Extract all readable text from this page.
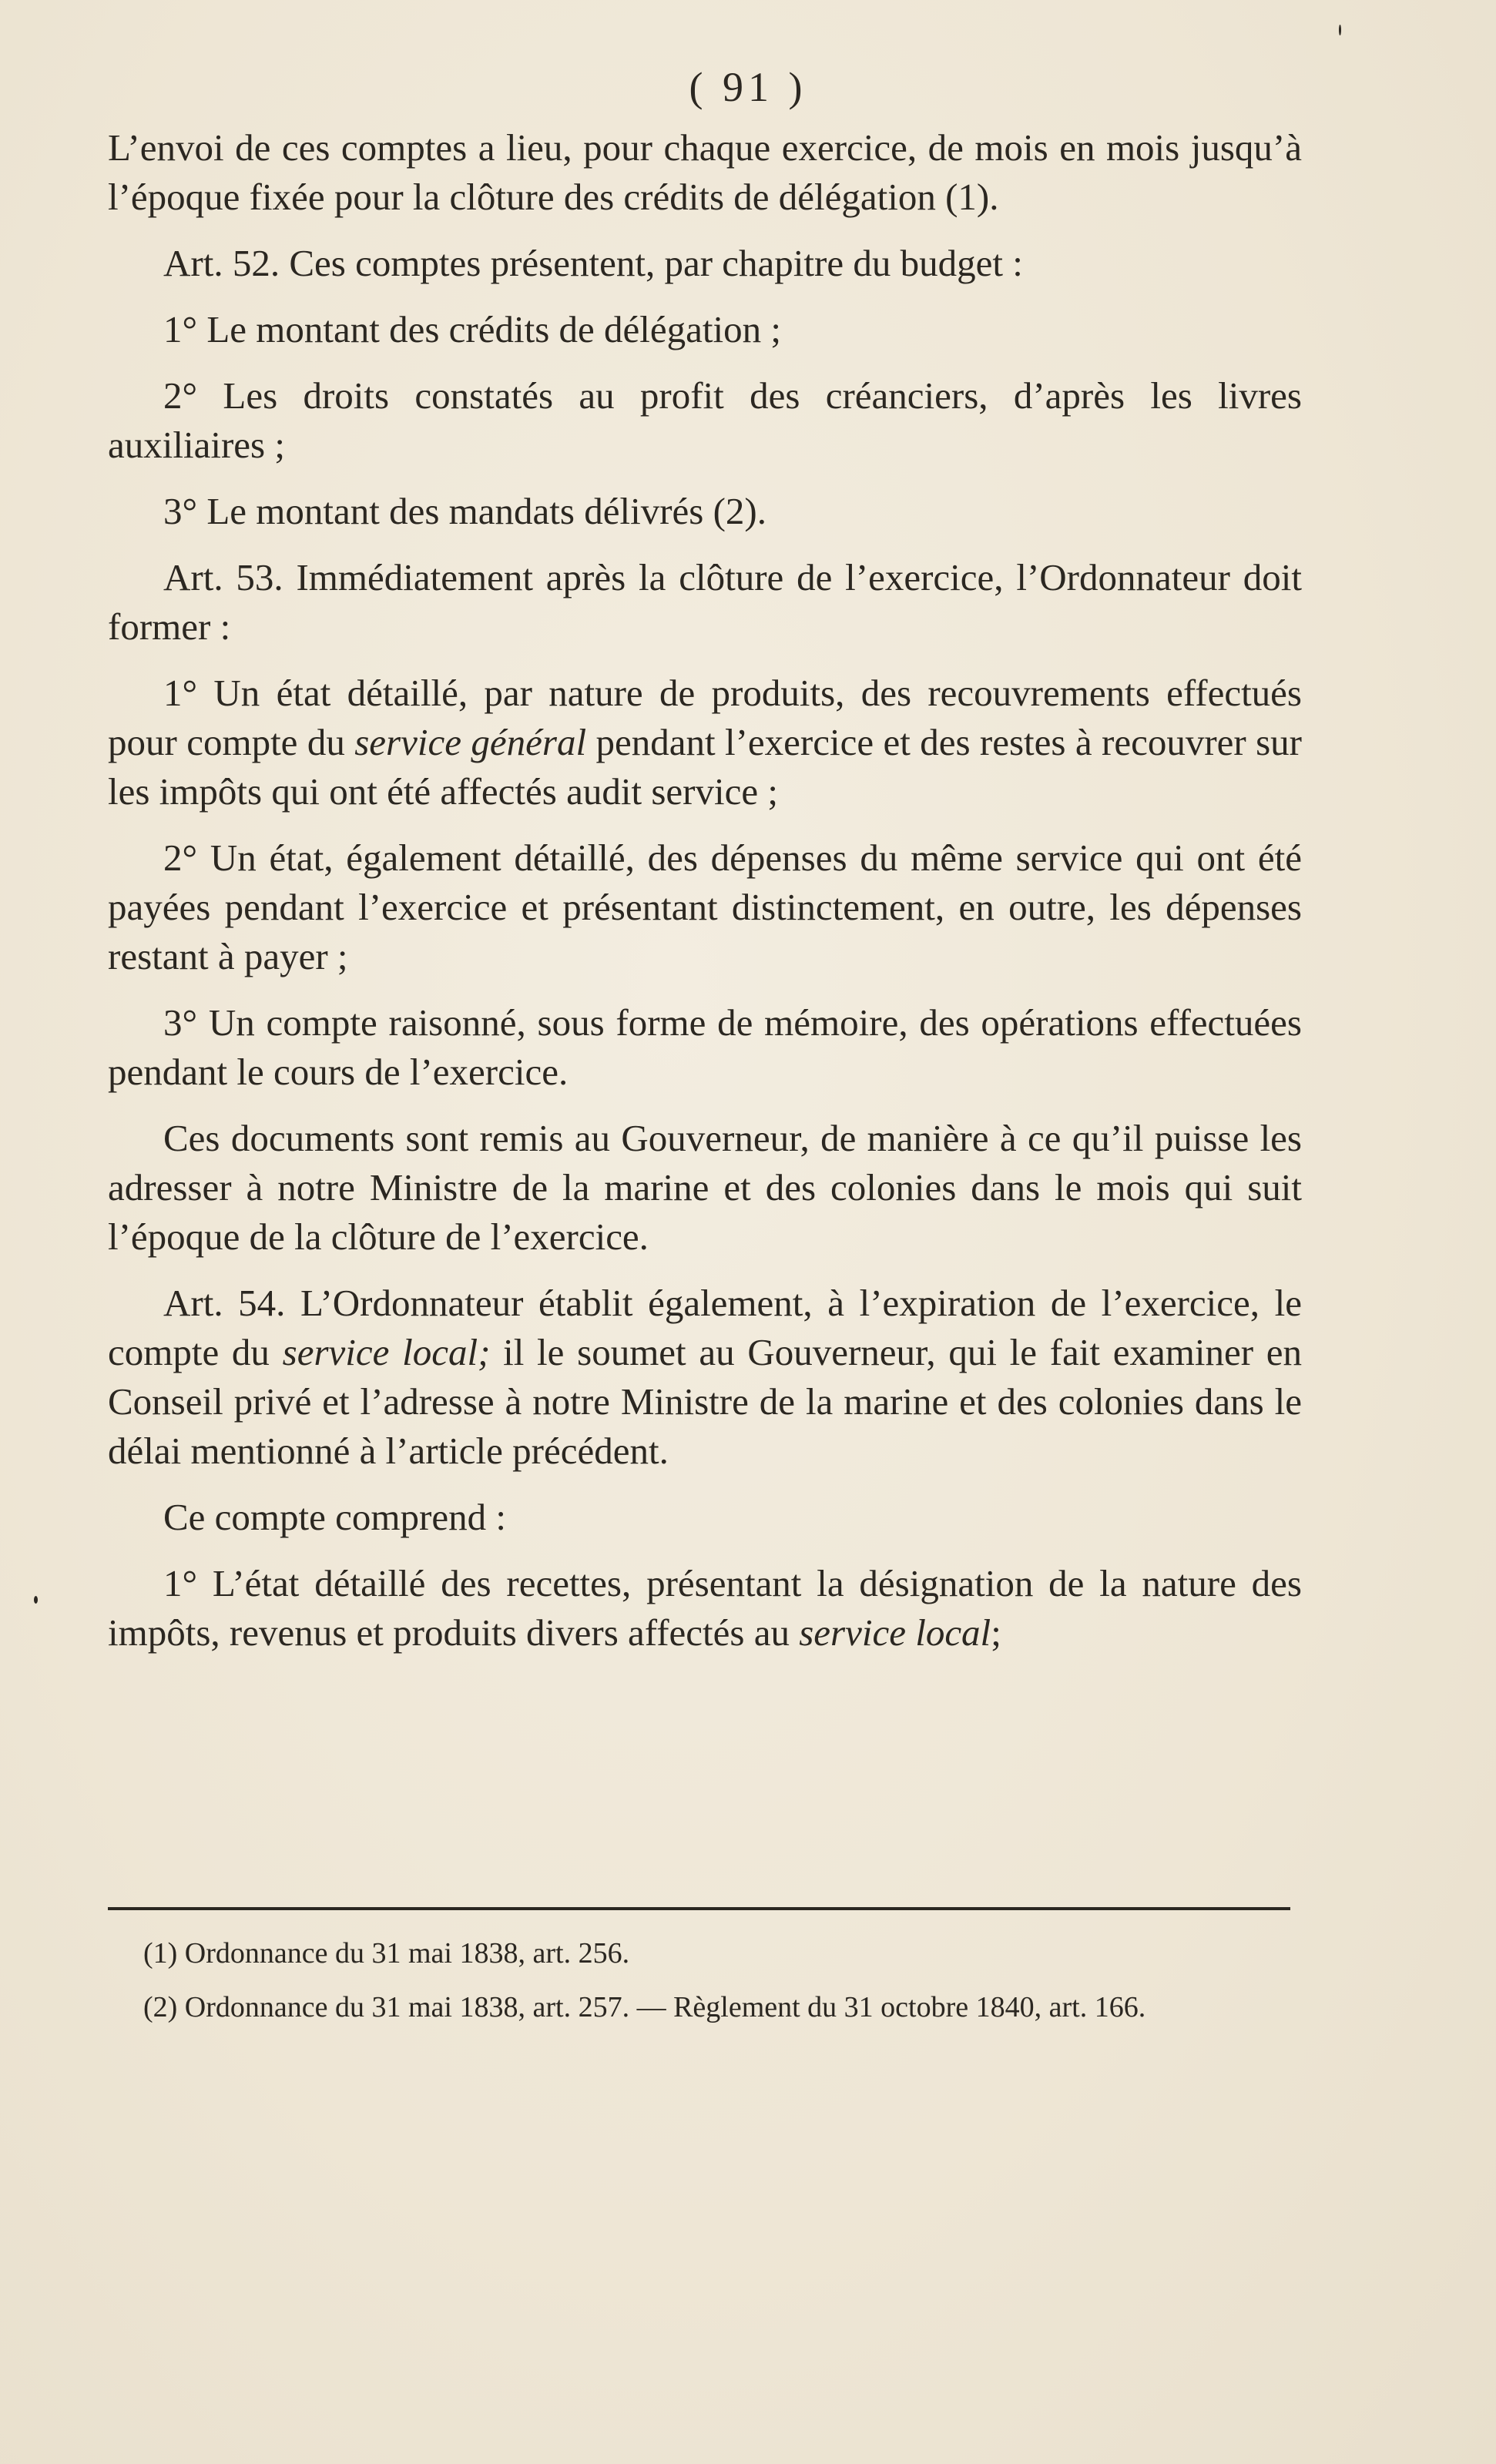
( 91 )

L’envoi de ces comptes a lieu, pour chaque exercice, de mois en mois jusqu’à l’époque fixée pour la clôture des crédits de délégation (1).

Art. 52. Ces comptes présentent, par chapitre du budget :

1° Le montant des crédits de délégation ;

2° Les droits constatés au profit des créanciers, d’après les livres auxiliaires ;

3° Le montant des mandats délivrés (2).

Art. 53. Immédiatement après la clôture de l’exercice, l’Ordonnateur doit former :

1° Un état détaillé, par nature de produits, des recouvrements effectués pour compte du service général pendant l’exercice et des restes à recouvrer sur les impôts qui ont été affectés audit service ;

2° Un état, également détaillé, des dépenses du même service qui ont été payées pendant l’exercice et présentant distinctement, en outre, les dépenses restant à payer ;

3° Un compte raisonné, sous forme de mémoire, des opérations effectuées pendant le cours de l’exercice.

Ces documents sont remis au Gouverneur, de manière à ce qu’il puisse les adresser à notre Ministre de la marine et des colonies dans le mois qui suit l’époque de la clôture de l’exercice.

Art. 54. L’Ordonnateur établit également, à l’expiration de l’exercice, le compte du service local; il le soumet au Gouverneur, qui le fait examiner en Conseil privé et l’adresse à notre Ministre de la marine et des colonies dans le délai mentionné à l’article précédent.

Ce compte comprend :

1° L’état détaillé des recettes, présentant la désignation de la nature des impôts, revenus et produits divers affectés au service local;

(1) Ordonnance du 31 mai 1838, art. 256.

(2) Ordonnance du 31 mai 1838, art. 257. — Règlement du 31 octobre 1840, art. 166.
